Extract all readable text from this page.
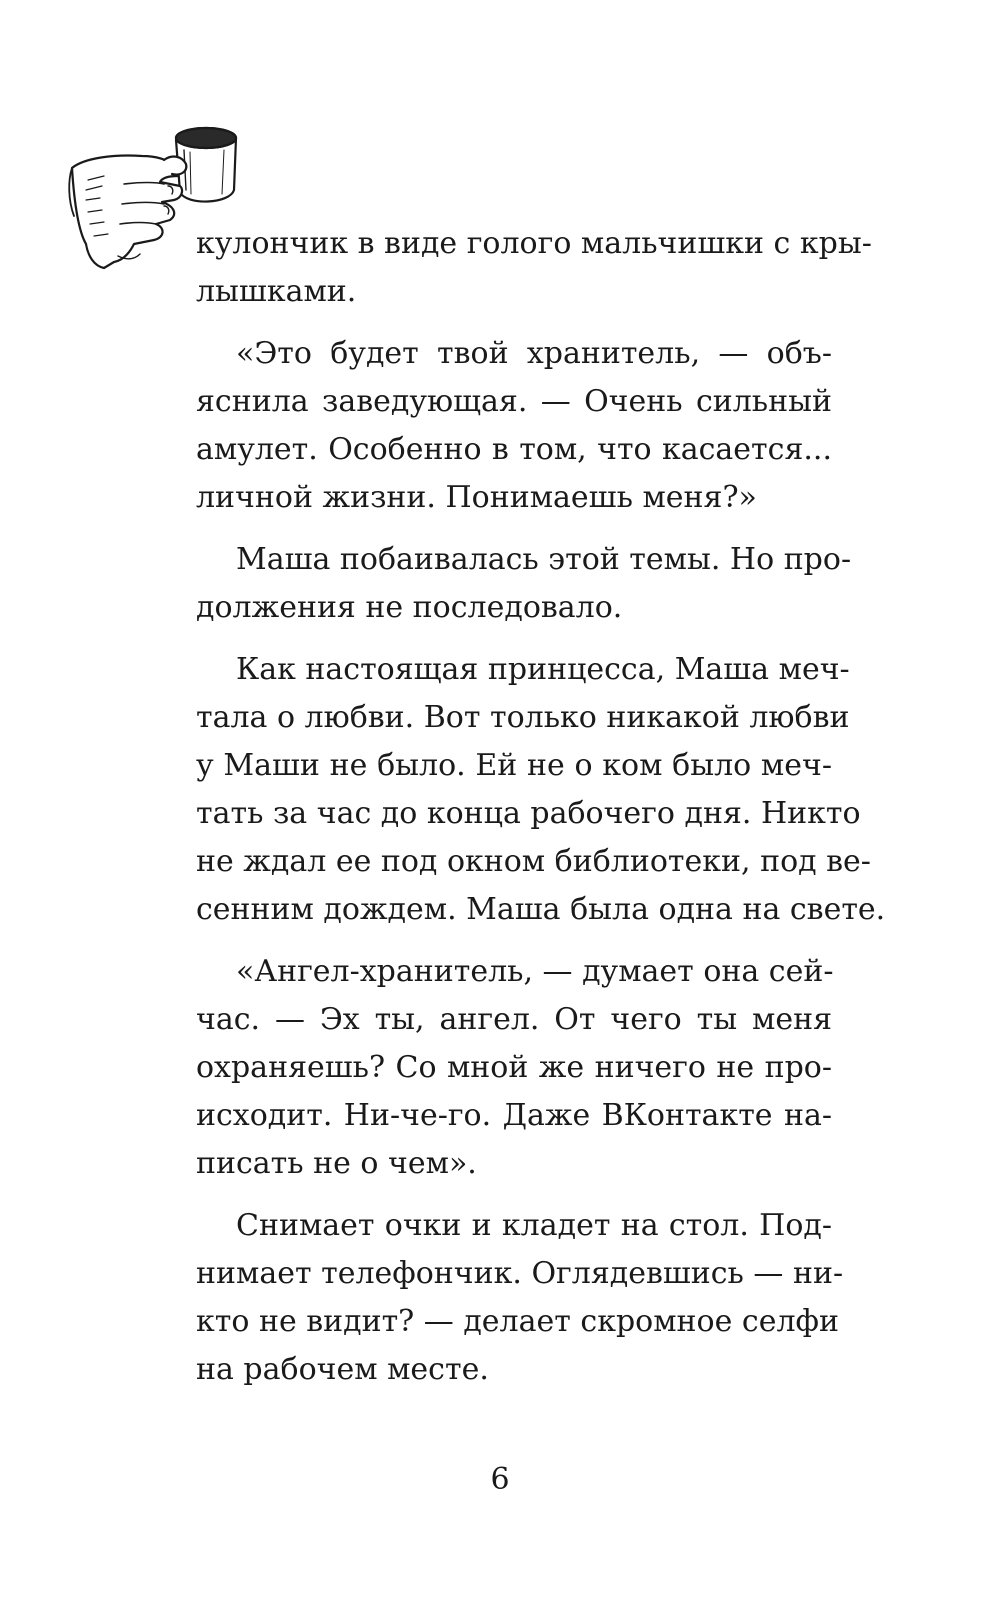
кулончик в виде голого мальчишки с кры-
лышками.
«Это будет твой хранитель, — объ-
яснила заведующая. — Очень сильный
амулет. Особенно в том, что касается...
личной жизни. Понимаешь меня?»
Маша побаивалась этой темы. Но про-
должения не последовало.
Как настоящая принцесса, Маша меч-
тала о любви. Вот только никакой любви
у Маши не было. Ей не о ком было меч-
тать за час до конца рабочего дня. Никто
не ждал ее под окном библиотеки, под ве-
сенним дождем. Маша была одна на свете.
«Ангел-хранитель, — думает она сей-
час. — Эх ты, ангел. От чего ты меня
охраняешь? Со мной же ничего не про-
исходит. Ни-че-го. Даже ВКонтакте на-
писать не о чем».
Снимает очки и кладет на стол. Под-
нимает телефончик. Оглядевшись — ни-
кто не видит? — делает скромное селфи
на рабочем месте.
6
